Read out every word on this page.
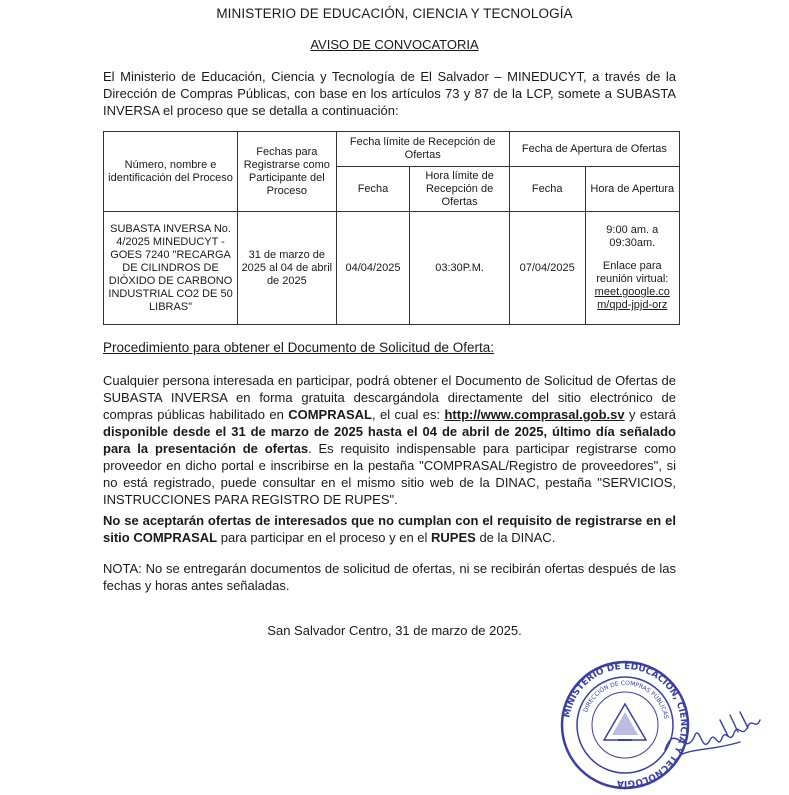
MINISTERIO DE EDUCACIÓN, CIENCIA Y TECNOLOGÍA
AVISO DE CONVOCATORIA
El Ministerio de Educación, Ciencia y Tecnología de El Salvador – MINEDUCYT, a través de la Dirección de Compras Públicas, con base en los artículos 73 y 87 de la LCP, somete a SUBASTA INVERSA el proceso que se detalla a continuación:
Número, nombre e identificación del Proceso	Fechas para Registrarse como Participante del Proceso	Fecha límite de Recepción de Ofertas		Fecha de Apertura de Ofertas	
		Fecha	Hora límite de Recepción de Ofertas	Fecha	Hora de Apertura
SUBASTA INVERSA No. 4/2025 MINEDUCYT - GOES 7240 "RECARGA DE CILINDROS DE DIÓXIDO DE CARBONO INDUSTRIAL CO2 DE 50 LIBRAS"	31 de marzo de 2025 al 04 de abril de 2025	04/04/2025	03:30P.M.	07/04/2025	9:00 am. a 09:30am.
Enlace para reunión virtual:
meet.google.com/qpd-jpjd-orz
Procedimiento para obtener el Documento de Solicitud de Oferta:
Cualquier persona interesada en participar, podrá obtener el Documento de Solicitud de Ofertas de SUBASTA INVERSA en forma gratuita descargándola directamente del sitio electrónico de compras públicas habilitado en COMPRASAL, el cual es: http://www.comprasal.gob.sv y estará disponible desde el 31 de marzo de 2025 hasta el 04 de abril de 2025, último día señalado para la presentación de ofertas. Es requisito indispensable para participar registrarse como proveedor en dicho portal e inscribirse en la pestaña "COMPRASAL/Registro de proveedores", si no está registrado, puede consultar en el mismo sitio web de la DINAC, pestaña "SERVICIOS, INSTRUCCIONES PARA REGISTRO DE RUPES".
No se aceptarán ofertas de interesados que no cumplan con el requisito de registrarse en el sitio COMPRASAL para participar en el proceso y en el RUPES de la DINAC.
NOTA: No se entregarán documentos de solicitud de ofertas, ni se recibirán ofertas después de las fechas y horas antes señaladas.
San Salvador Centro, 31 de marzo de 2025.
MINISTERIO DE EDUCACIÓN, CIENCIA Y TECNOLOGÍA
DIRECCIÓN DE COMPRAS PÚBLICAS
